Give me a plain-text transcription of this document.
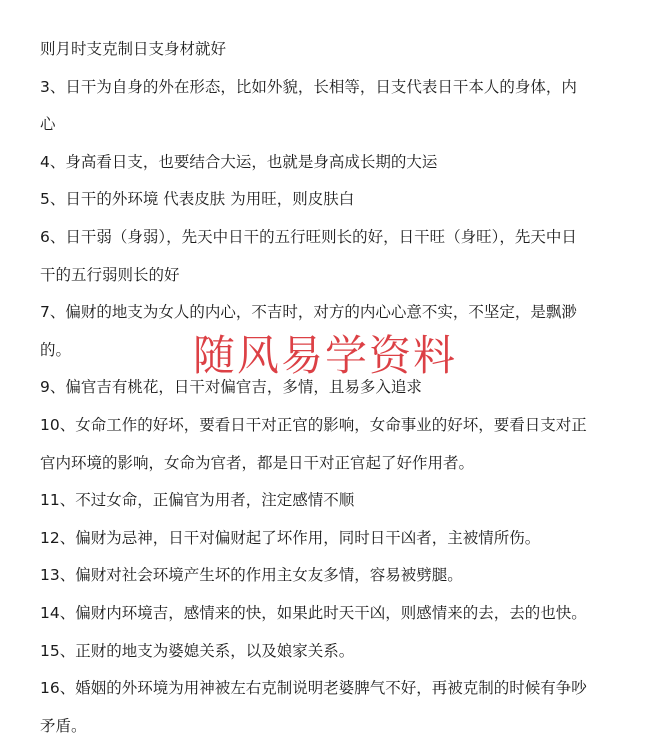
则月时支克制日支身材就好
3、日干为自身的外在形态，比如外貌，长相等，日支代表日干本人的身体，内
心
4、身高看日支，也要结合大运，也就是身高成长期的大运
5、日干的外环境 代表皮肤 为用旺，则皮肤白
6、日干弱（身弱），先天中日干的五行旺则长的好，日干旺（身旺），先天中日
干的五行弱则长的好
7、偏财的地支为女人的内心，不吉时，对方的内心心意不实，不坚定，是飘渺
的。
9、偏官吉有桃花，日干对偏官吉，多情，且易多入追求
10、女命工作的好坏，要看日干对正官的影响，女命事业的好坏，要看日支对正
官内环境的影响，女命为官者，都是日干对正官起了好作用者。
11、不过女命，正偏官为用者，注定感情不顺
12、偏财为忌神，日干对偏财起了坏作用，同时日干凶者，主被情所伤。
13、偏财对社会环境产生坏的作用主女友多情，容易被劈腿。
14、偏财内环境吉，感情来的快，如果此时天干凶，则感情来的去，去的也快。
15、正财的地支为婆媳关系，以及娘家关系。
16、婚姻的外环境为用神被左右克制说明老婆脾气不好，再被克制的时候有争吵
矛盾。
随风易学资料
